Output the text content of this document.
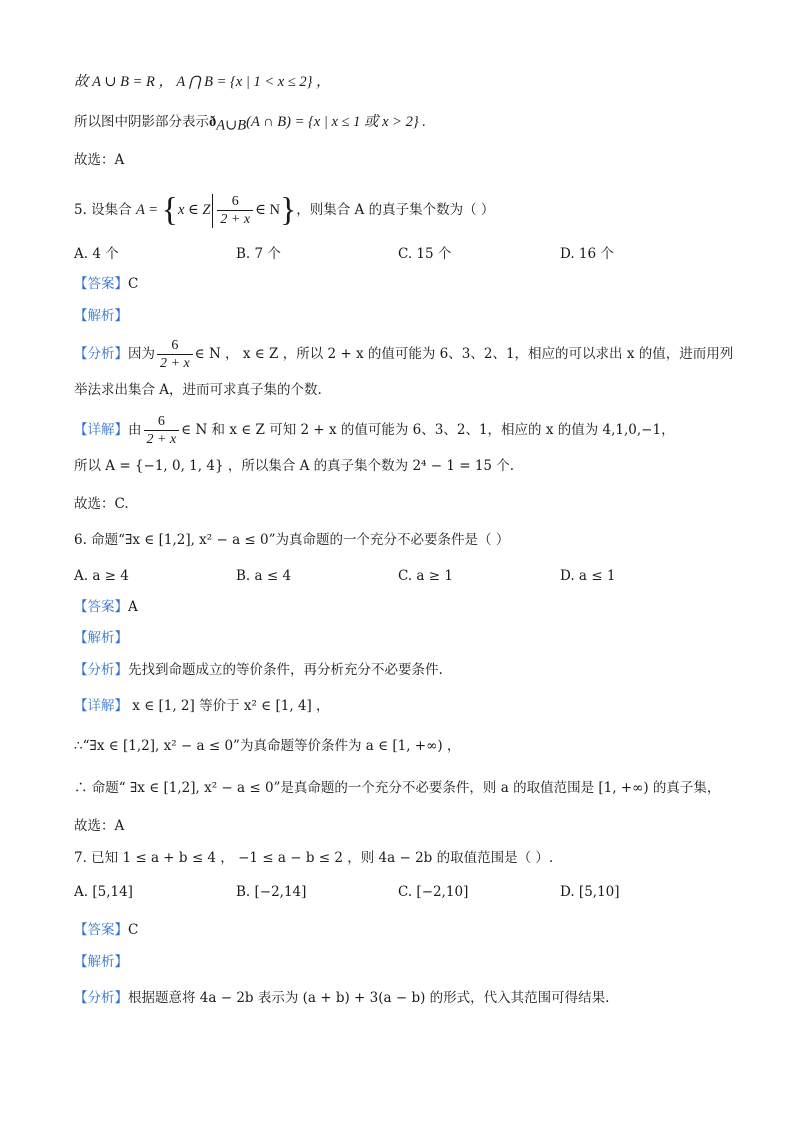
故 A ∪ B = R ， A ⋂ B = {x | 1 < x ≤ 2} ，
所以图中阴影部分表示$ð_{A\cup B}(A$ ∩ B) = {x | x ≤ 1 或 x > 2} .
故选：A
5. 设集合 A = {x ∈ Z $\frac{6}{2 + x}$ ∈ N}，则集合 A 的真子集个数为（ ）
A. 4 个	B. 7 个	C. 15 个	D. 16 个
【答案】C
【解析】
【分析】因为 $\frac{6}{2 + x}$ ∈ N ， x ∈ Z ，所以 2 + x 的值可能为 6、3、2、1，相应的可以求出 x 的值，进而用列
举法求出集合 A，进而可求真子集的个数.
【详解】由 $\frac{6}{2 + x}$ ∈ N 和 x ∈ Z 可知 2 + x 的值可能为 6、3、2、1，相应的 x 的值为 4,1,0,−1，
所以 A = {−1, 0, 1, 4} ，所以集合 A 的真子集个数为 2⁴ − 1 = 15 个.
故选：C.
6. 命题“∃x ∈ [1,2], x² − a ≤ 0”为真命题的一个充分不必要条件是（ ）
A. a ≥ 4	B. a ≤ 4	C. a ≥ 1	D. a ≤ 1
【答案】A
【解析】
【分析】先找到命题成立的等价条件，再分析充分不必要条件.
【详解】 x ∈ [1, 2] 等价于 x² ∈ [1, 4] ，
∴“∃x ∈ [1,2], x² − a ≤ 0”为真命题等价条件为 a ∈ [1, +∞) ，
∴ 命题“ ∃x ∈ [1,2], x² − a ≤ 0”是真命题的一个充分不必要条件，则 a 的取值范围是 [1, +∞) 的真子集，
故选：A
7. 已知 1 ≤ a + b ≤ 4 ， −1 ≤ a − b ≤ 2 ，则 4a − 2b 的取值范围是（ ）.
A. [5,14]	B. [−2,14]	C. [−2,10]	D. [5,10]
【答案】C
【解析】
【分析】根据题意将 4a − 2b 表示为 (a + b) + 3(a − b) 的形式，代入其范围可得结果.
